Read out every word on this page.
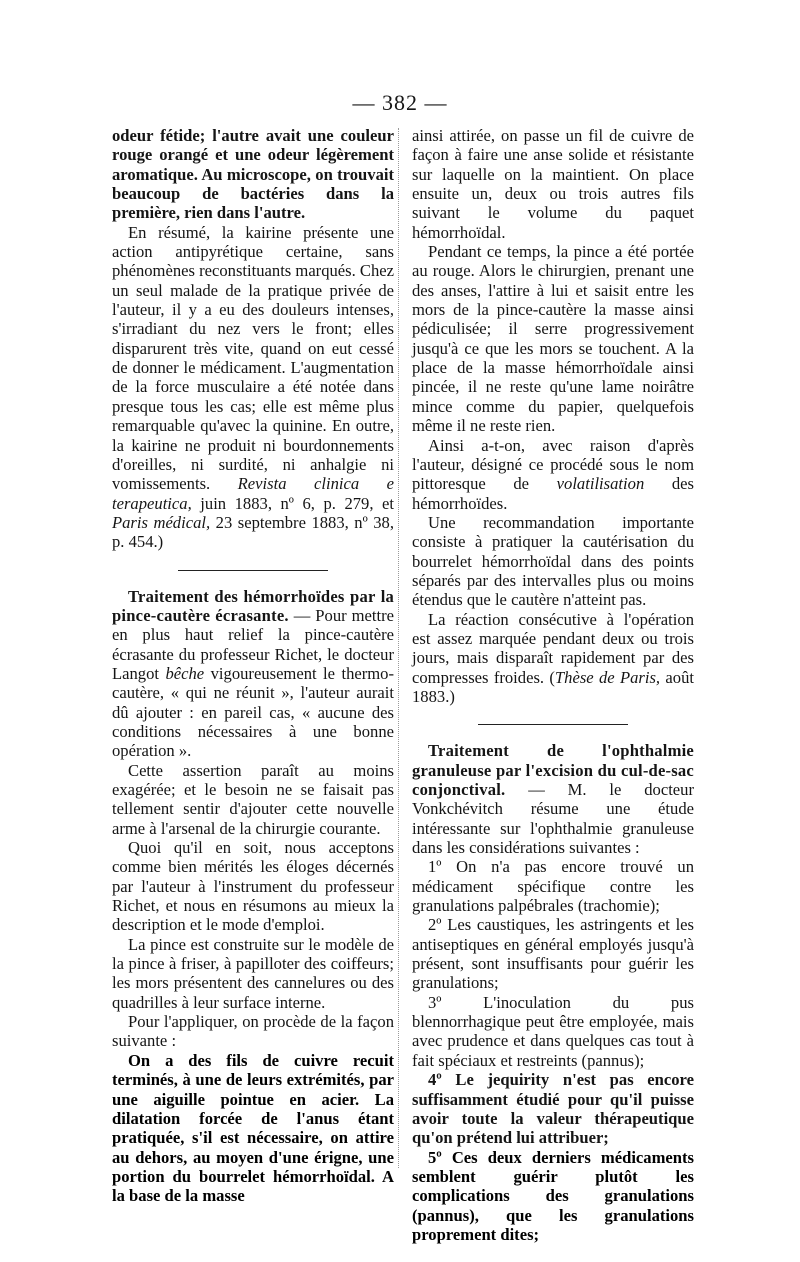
— 382 —

odeur fétide; l'autre avait une couleur rouge orangé et une odeur légèrement aromatique. Au microscope, on trouvait beaucoup de bactéries dans la première, rien dans l'autre.

En résumé, la kairine présente une action antipyrétique certaine, sans phénomènes reconstituants marqués. Chez un seul malade de la pratique privée de l'auteur, il y a eu des douleurs intenses, s'irradiant du nez vers le front; elles disparurent très vite, quand on eut cessé de donner le médicament. L'augmentation de la force musculaire a été notée dans presque tous les cas; elle est même plus remarquable qu'avec la quinine. En outre, la kairine ne produit ni bourdonnements d'oreilles, ni surdité, ni anhalgie ni vomissements. Revista clinica e terapeutica, juin 1883, nº 6, p. 279, et Paris médical, 23 septembre 1883, nº 38, p. 454.)

Traitement des hémorrhoïdes par la pince-cautère écrasante. — Pour mettre en plus haut relief la pince-cautère écrasante du professeur Richet, le docteur Langot bêche vigoureusement le thermo-cautère, « qui ne réunit », l'auteur aurait dû ajouter : en pareil cas, « aucune des conditions nécessaires à une bonne opération ».

Cette assertion paraît au moins exagérée; et le besoin ne se faisait pas tellement sentir d'ajouter cette nouvelle arme à l'arsenal de la chirurgie courante.

Quoi qu'il en soit, nous acceptons comme bien mérités les éloges décernés par l'auteur à l'instrument du professeur Richet, et nous en résumons au mieux la description et le mode d'emploi.

La pince est construite sur le modèle de la pince à friser, à papilloter des coiffeurs; les mors présentent des cannelures ou des quadrilles à leur surface interne.

Pour l'appliquer, on procède de la façon suivante :

On a des fils de cuivre recuit terminés, à une de leurs extrémités, par une aiguille pointue en acier. La dilatation forcée de l'anus étant pratiquée, s'il est nécessaire, on attire au dehors, au moyen d'une érigne, une portion du bourrelet hémorrhoïdal. A la base de la masse

ainsi attirée, on passe un fil de cuivre de façon à faire une anse solide et résistante sur laquelle on la maintient. On place ensuite un, deux ou trois autres fils suivant le volume du paquet hémorrhoïdal.

Pendant ce temps, la pince a été portée au rouge. Alors le chirurgien, prenant une des anses, l'attire à lui et saisit entre les mors de la pince-cautère la masse ainsi pédiculisée; il serre progressivement jusqu'à ce que les mors se touchent. A la place de la masse hémorrhoïdale ainsi pincée, il ne reste qu'une lame noirâtre mince comme du papier, quelquefois même il ne reste rien.

Ainsi a-t-on, avec raison d'après l'auteur, désigné ce procédé sous le nom pittoresque de volatilisation des hémorrhoïdes.

Une recommandation importante consiste à pratiquer la cautérisation du bourrelet hémorrhoïdal dans des points séparés par des intervalles plus ou moins étendus que le cautère n'atteint pas.

La réaction consécutive à l'opération est assez marquée pendant deux ou trois jours, mais disparaît rapidement par des compresses froides. (Thèse de Paris, août 1883.)

Traitement de l'ophthalmie granuleuse par l'excision du cul-de-sac conjonctival. — M. le docteur Vonkchévitch résume une étude intéressante sur l'ophthalmie granuleuse dans les considérations suivantes :

1º On n'a pas encore trouvé un médicament spécifique contre les granulations palpébrales (trachomie);

2º Les caustiques, les astringents et les antiseptiques en général employés jusqu'à présent, sont insuffisants pour guérir les granulations;

3º L'inoculation du pus blennorrhagique peut être employée, mais avec prudence et dans quelques cas tout à fait spéciaux et restreints (pannus);

4º Le jequirity n'est pas encore suffisamment étudié pour qu'il puisse avoir toute la valeur thérapeutique qu'on prétend lui attribuer;

5º Ces deux derniers médicaments semblent guérir plutôt les complications des granulations (pannus), que les granulations proprement dites;
